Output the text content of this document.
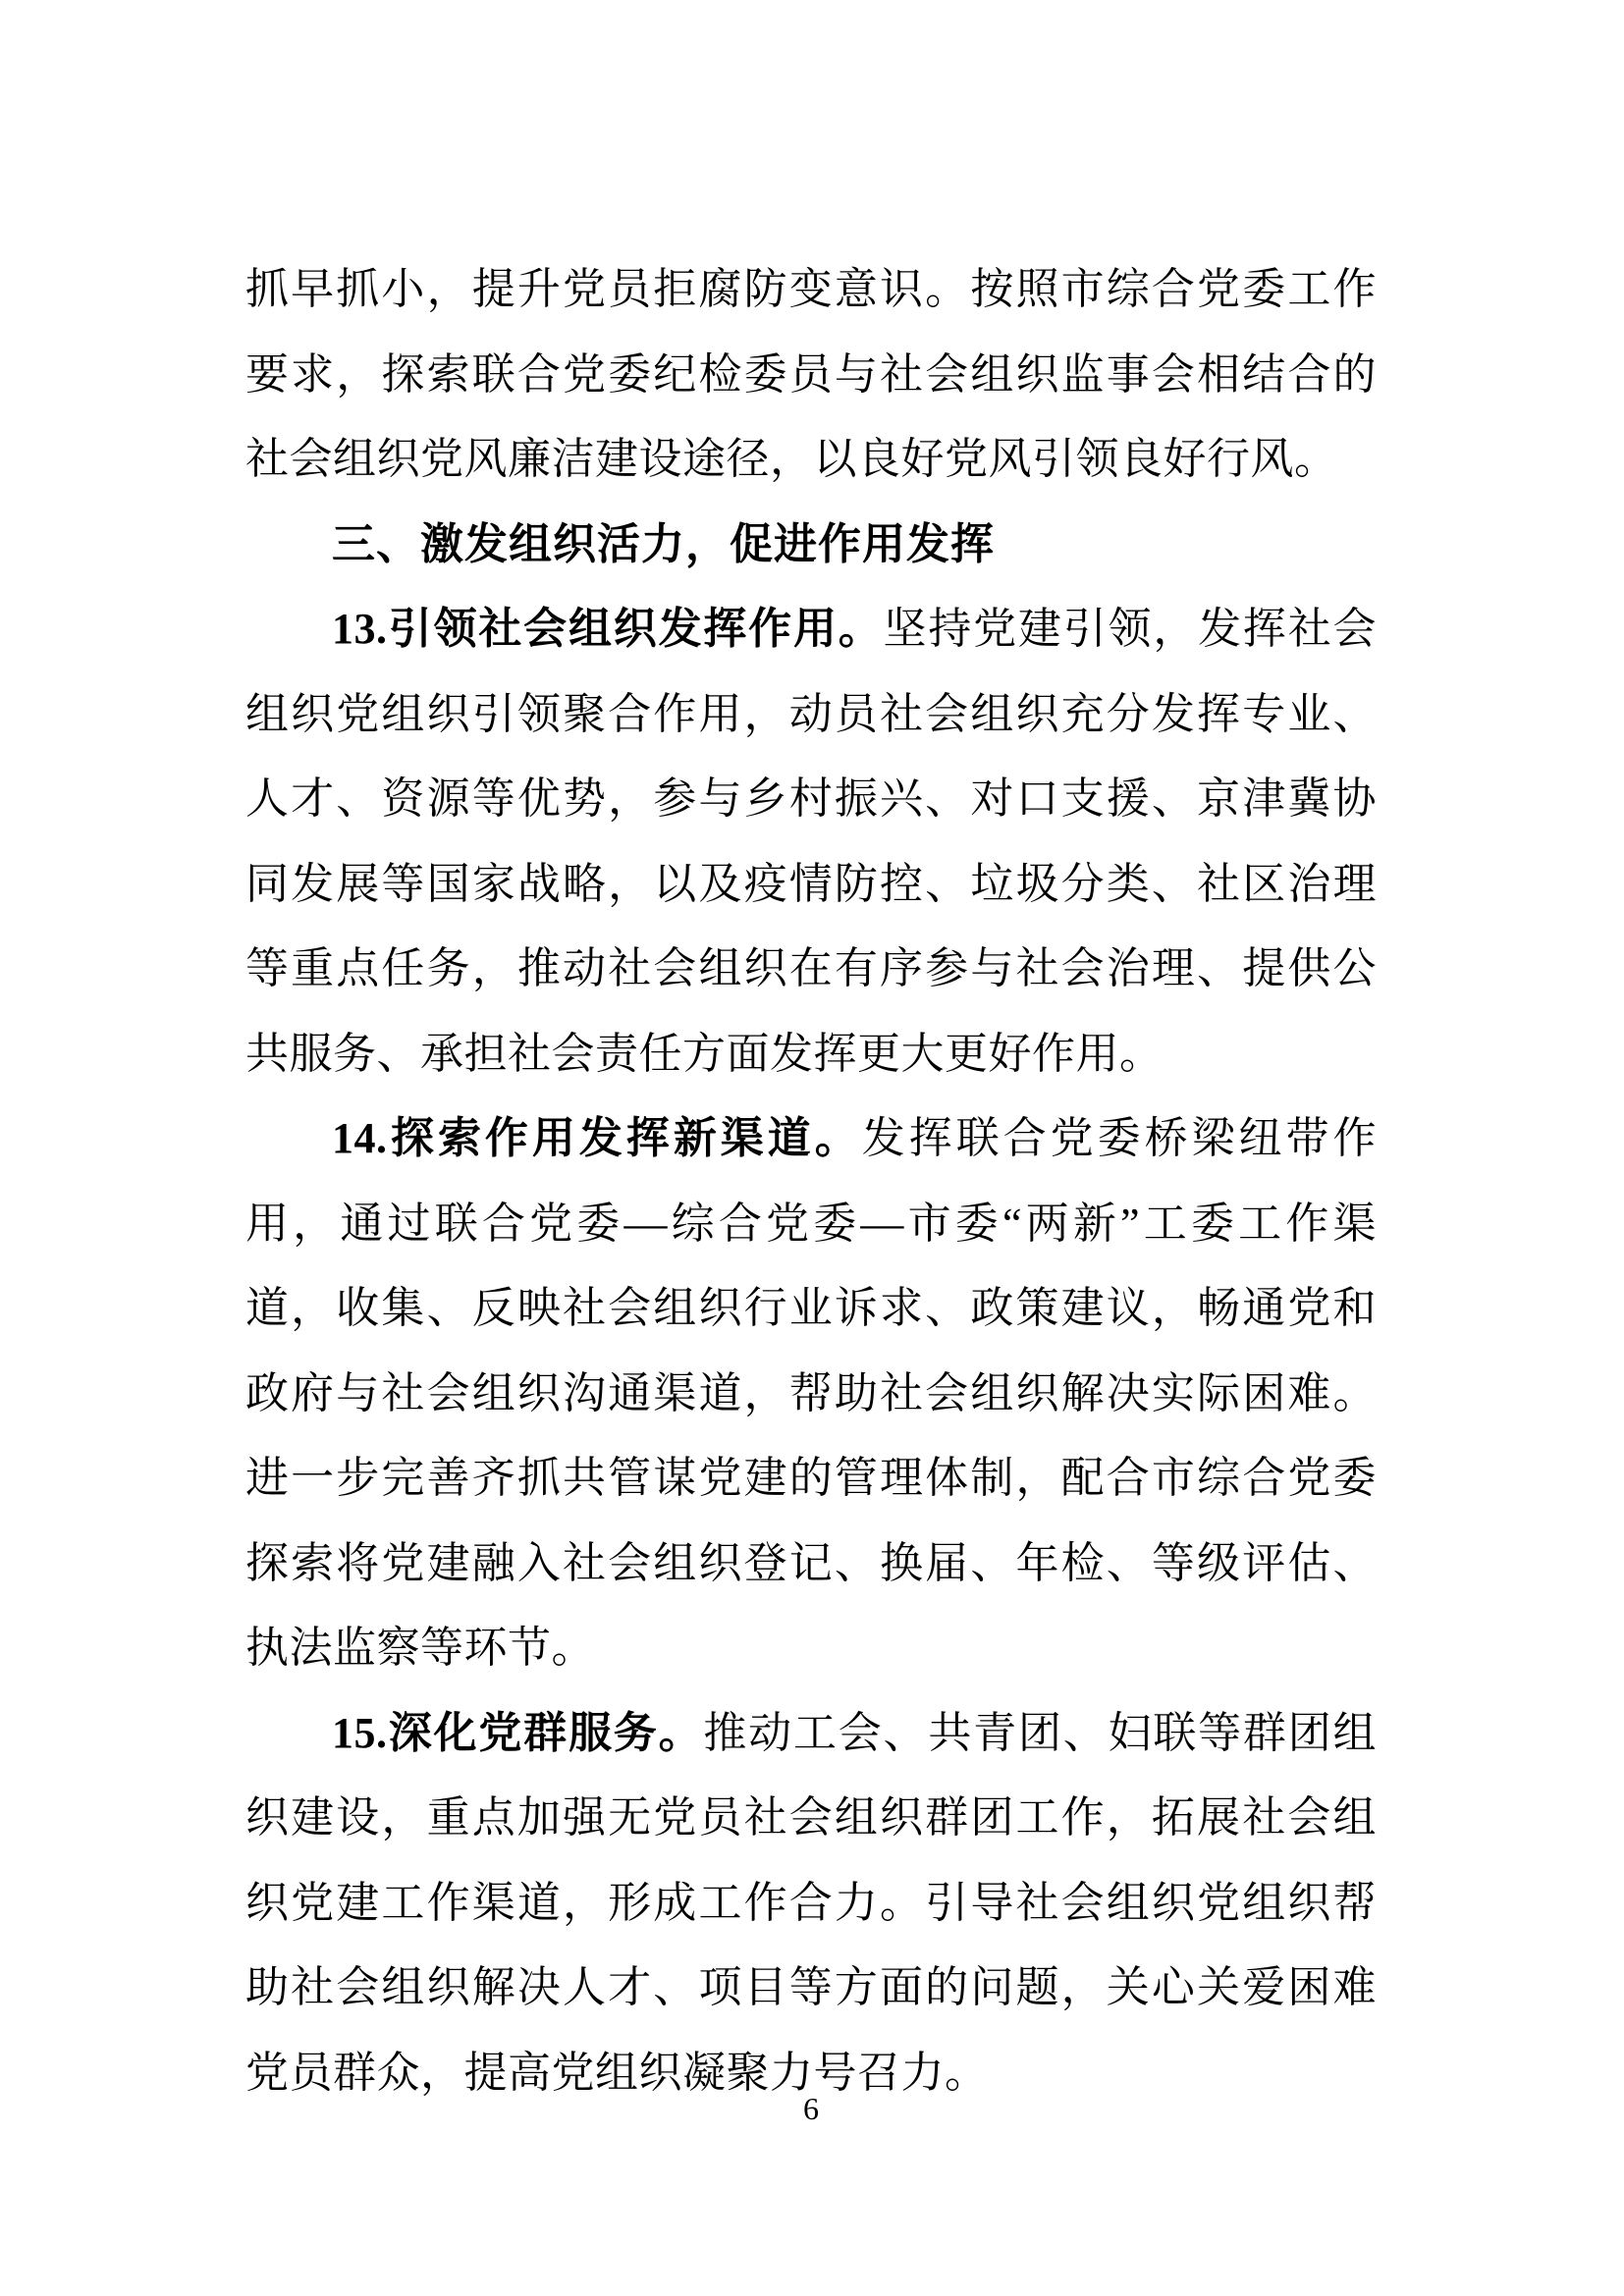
抓早抓小，提升党员拒腐防变意识。按照市综合党委工作要求，探索联合党委纪检委员与社会组织监事会相结合的社会组织党风廉洁建设途径，以良好党风引领良好行风。

三、激发组织活力，促进作用发挥

13.引领社会组织发挥作用。坚持党建引领，发挥社会组织党组织引领聚合作用，动员社会组织充分发挥专业、人才、资源等优势，参与乡村振兴、对口支援、京津冀协同发展等国家战略，以及疫情防控、垃圾分类、社区治理等重点任务，推动社会组织在有序参与社会治理、提供公共服务、承担社会责任方面发挥更大更好作用。

14.探索作用发挥新渠道。发挥联合党委桥梁纽带作用，通过联合党委—综合党委—市委“两新”工委工作渠道，收集、反映社会组织行业诉求、政策建议，畅通党和政府与社会组织沟通渠道，帮助社会组织解决实际困难。进一步完善齐抓共管谋党建的管理体制，配合市综合党委探索将党建融入社会组织登记、换届、年检、等级评估、执法监察等环节。

15.深化党群服务。推动工会、共青团、妇联等群团组织建设，重点加强无党员社会组织群团工作，拓展社会组织党建工作渠道，形成工作合力。引导社会组织党组织帮助社会组织解决人才、项目等方面的问题，关心关爱困难党员群众，提高党组织凝聚力号召力。

6
